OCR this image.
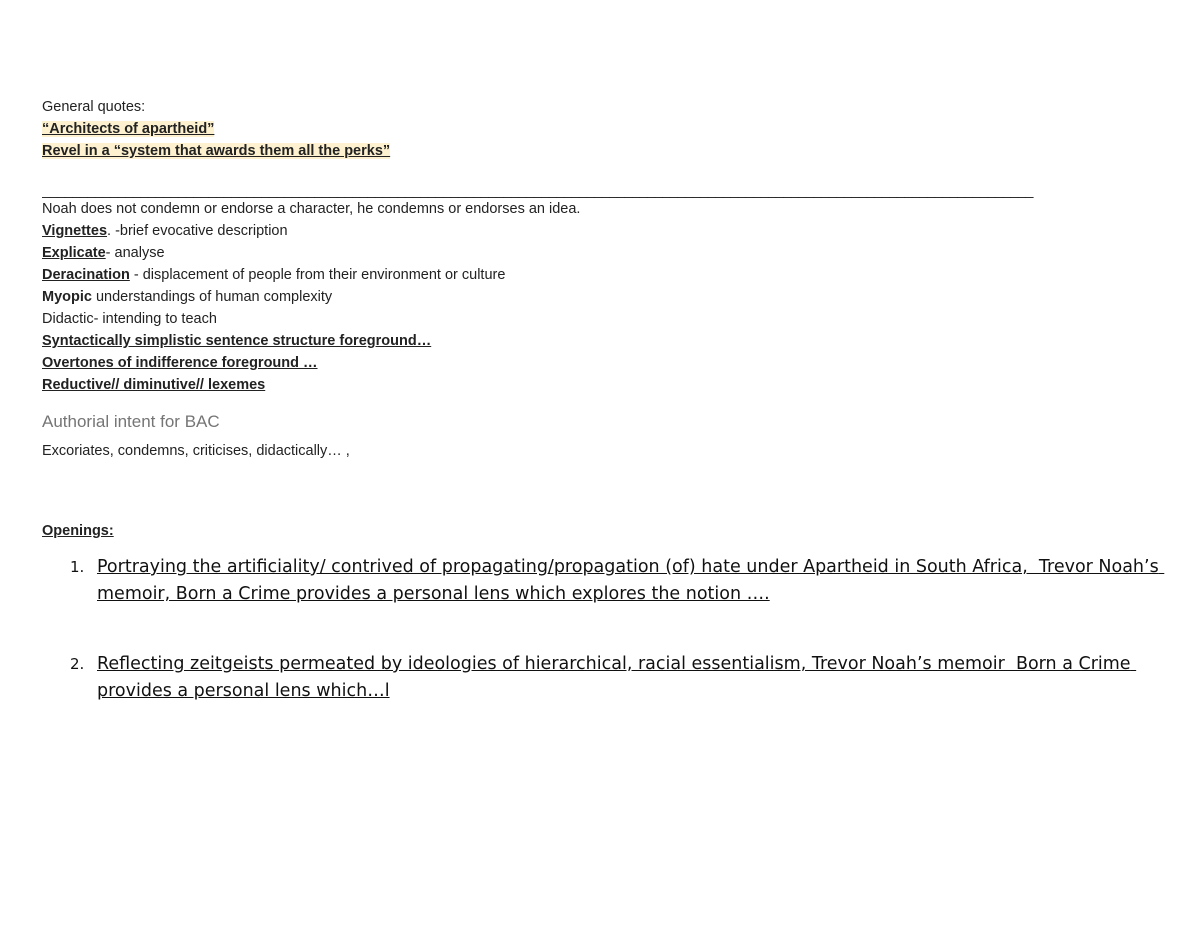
General quotes:
“Architects of apartheid”
Revel in a “system that awards them all the perks”
___________________________________________________________________________________________________________________________________
Noah does not condemn or endorse a character, he condemns or endorses an idea.
Vignettes. -brief evocative description
Explicate- analyse
Deracination - displacement of people from their environment or culture
Myopic understandings of human complexity
Didactic- intending to teach
Syntactically simplistic sentence structure foreground…
Overtones of indifference foreground …
Reductive// diminutive// lexemes
Authorial intent for BAC
Excoriates, condemns, criticises, didactically… ,
Openings:
1. Portraying the artificiality/ contrived of propagating/propagation (of) hate under Apartheid in South Africa,  Trevor Noah’s memoir, Born a Crime provides a personal lens which explores the notion ….
2. Reflecting zeitgeists permeated by ideologies of hierarchical, racial essentialism, Trevor Noah’s memoir  Born a Crime provides a personal lens which…l
